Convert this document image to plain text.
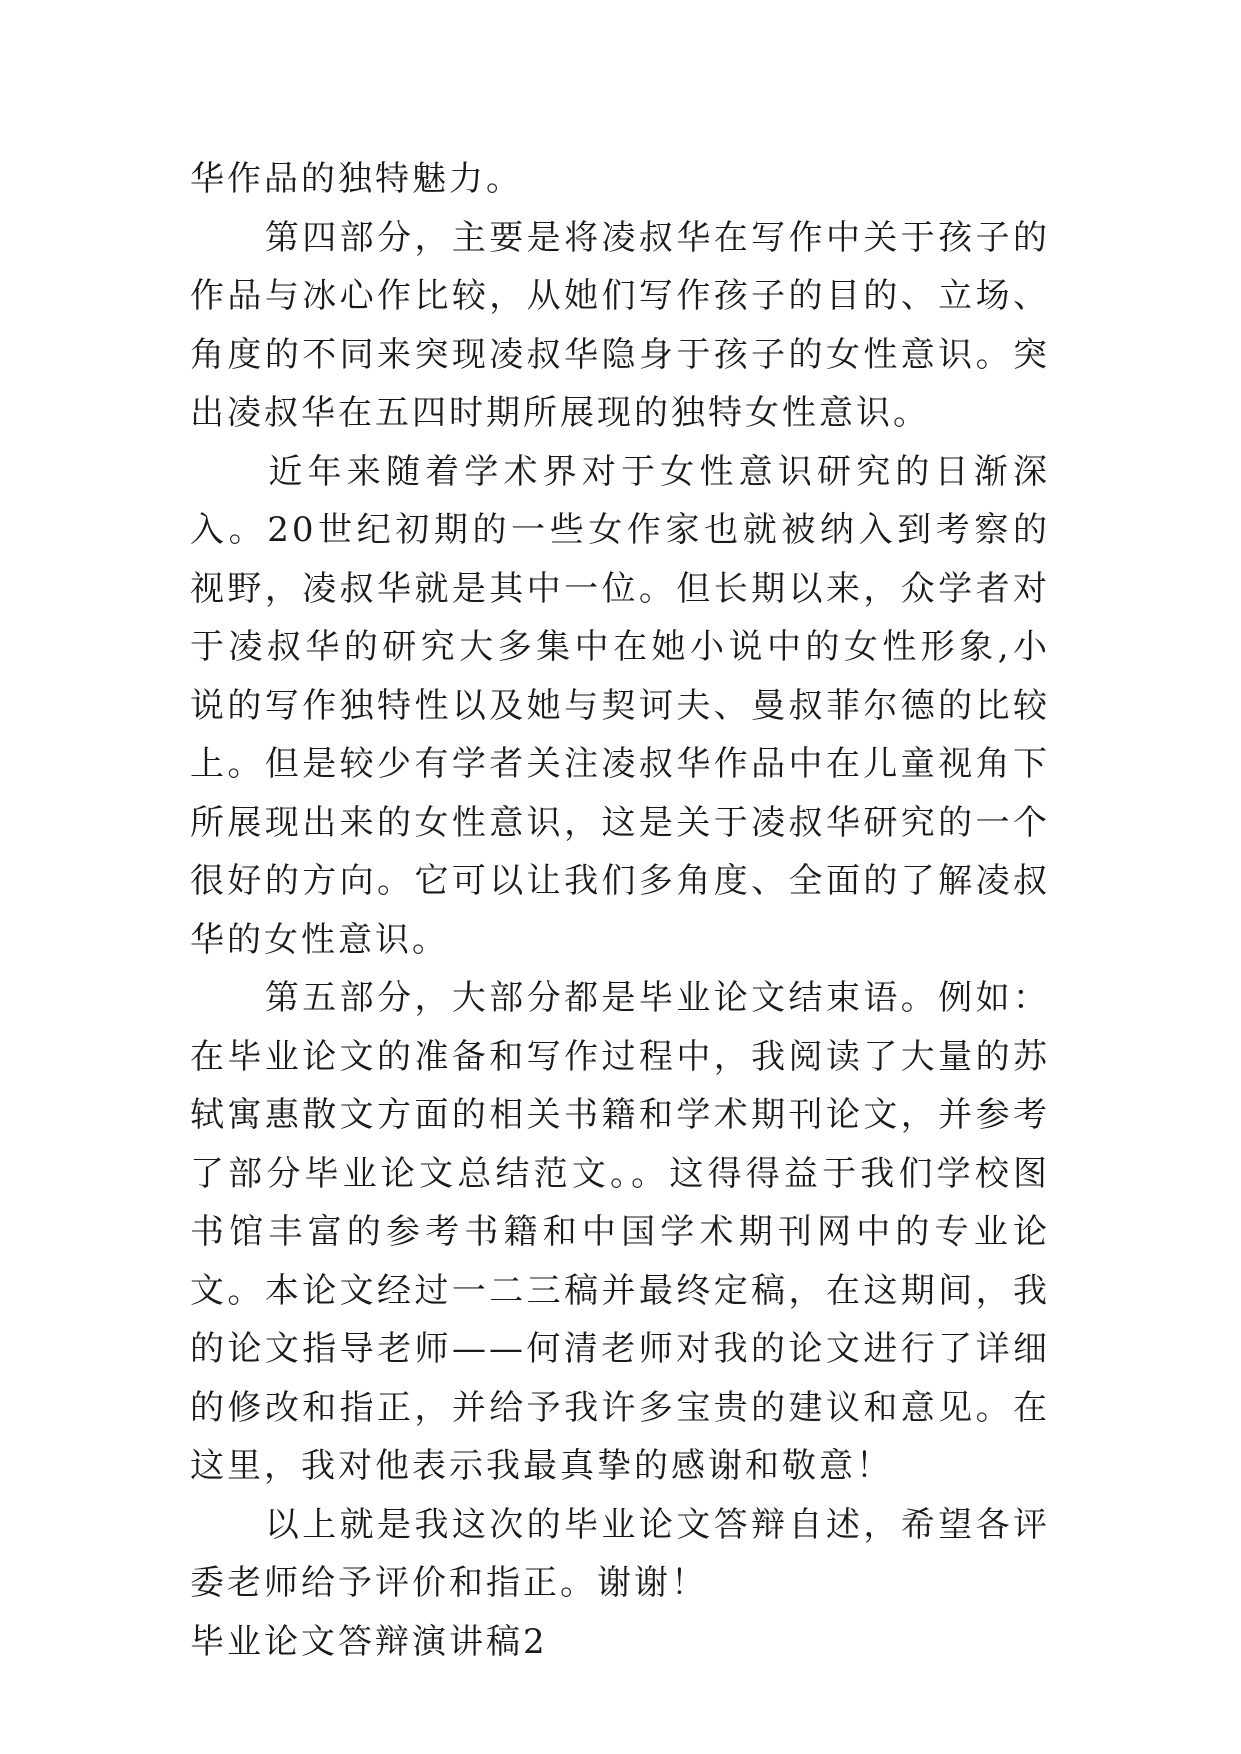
华作品的独特魅力。

　　第四部分，主要是将凌叔华在写作中关于孩子的作品与冰心作比较，从她们写作孩子的目的、立场、角度的不同来突现凌叔华隐身于孩子的女性意识。突出凌叔华在五四时期所展现的独特女性意识。

　　近年来随着学术界对于女性意识研究的日渐深入。20世纪初期的一些女作家也就被纳入到考察的视野，凌叔华就是其中一位。但长期以来，众学者对于凌叔华的研究大多集中在她小说中的女性形象,小说的写作独特性以及她与契诃夫、曼叔菲尔德的比较上。但是较少有学者关注凌叔华作品中在儿童视角下所展现出来的女性意识，这是关于凌叔华研究的一个很好的方向。它可以让我们多角度、全面的了解凌叔华的女性意识。

　　第五部分，大部分都是毕业论文结束语。例如：在毕业论文的准备和写作过程中，我阅读了大量的苏轼寓惠散文方面的相关书籍和学术期刊论文，并参考了部分毕业论文总结范文。。这得得益于我们学校图书馆丰富的参考书籍和中国学术期刊网中的专业论文。本论文经过一二三稿并最终定稿，在这期间，我的论文指导老师——何清老师对我的论文进行了详细的修改和指正，并给予我许多宝贵的建议和意见。在这里，我对他表示我最真挚的感谢和敬意！

　　以上就是我这次的毕业论文答辩自述，希望各评委老师给予评价和指正。谢谢！

毕业论文答辩演讲稿2
